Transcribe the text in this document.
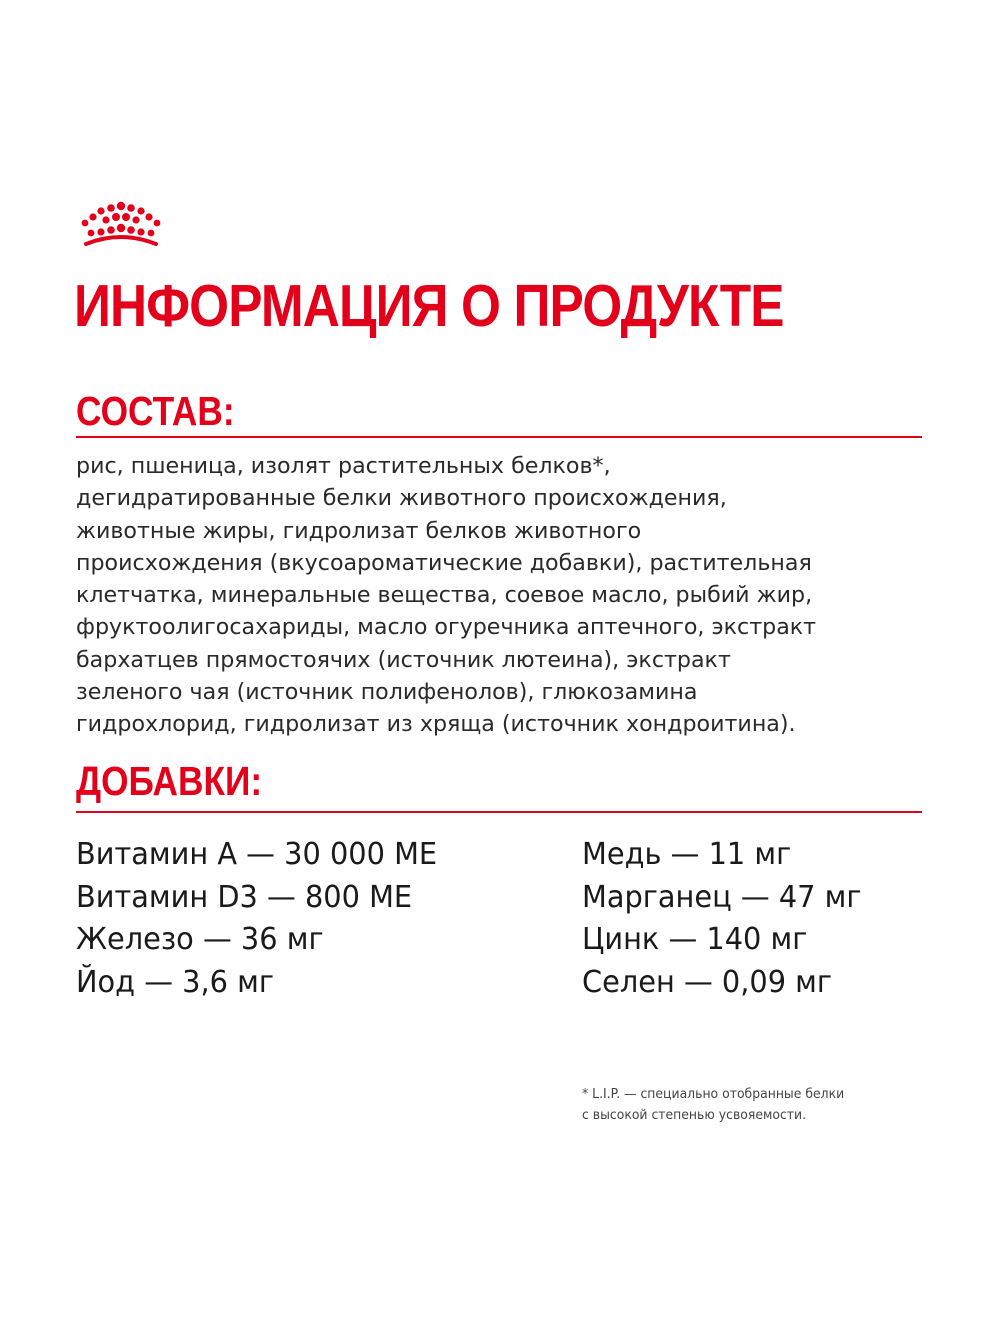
ИНФОРМАЦИЯ О ПРОДУКТЕ
СОСТАВ:
рис, пшеница, изолят растительных белков*,
дегидратированные белки животного происхождения,
животные жиры, гидролизат белков животного
происхождения (вкусоароматические добавки), растительная
клетчатка, минеральные вещества, соевое масло, рыбий жир,
фруктоолигосахариды, масло огуречника аптечного, экстракт
бархатцев прямостоячих (источник лютеина), экстракт
зеленого чая (источник полифенолов), глюкозамина
гидрохлорид, гидролизат из хряща (источник хондроитина).
ДОБАВКИ:
Витамин А — 30 000 МЕ
Витамин D3 — 800 МЕ
Железо — 36 мг
Йод — 3,6 мг
Медь — 11 мг
Марганец — 47 мг
Цинк — 140 мг
Селен — 0,09 мг
* L.I.P. — специально отобранные белки
с высокой степенью усвояемости.
